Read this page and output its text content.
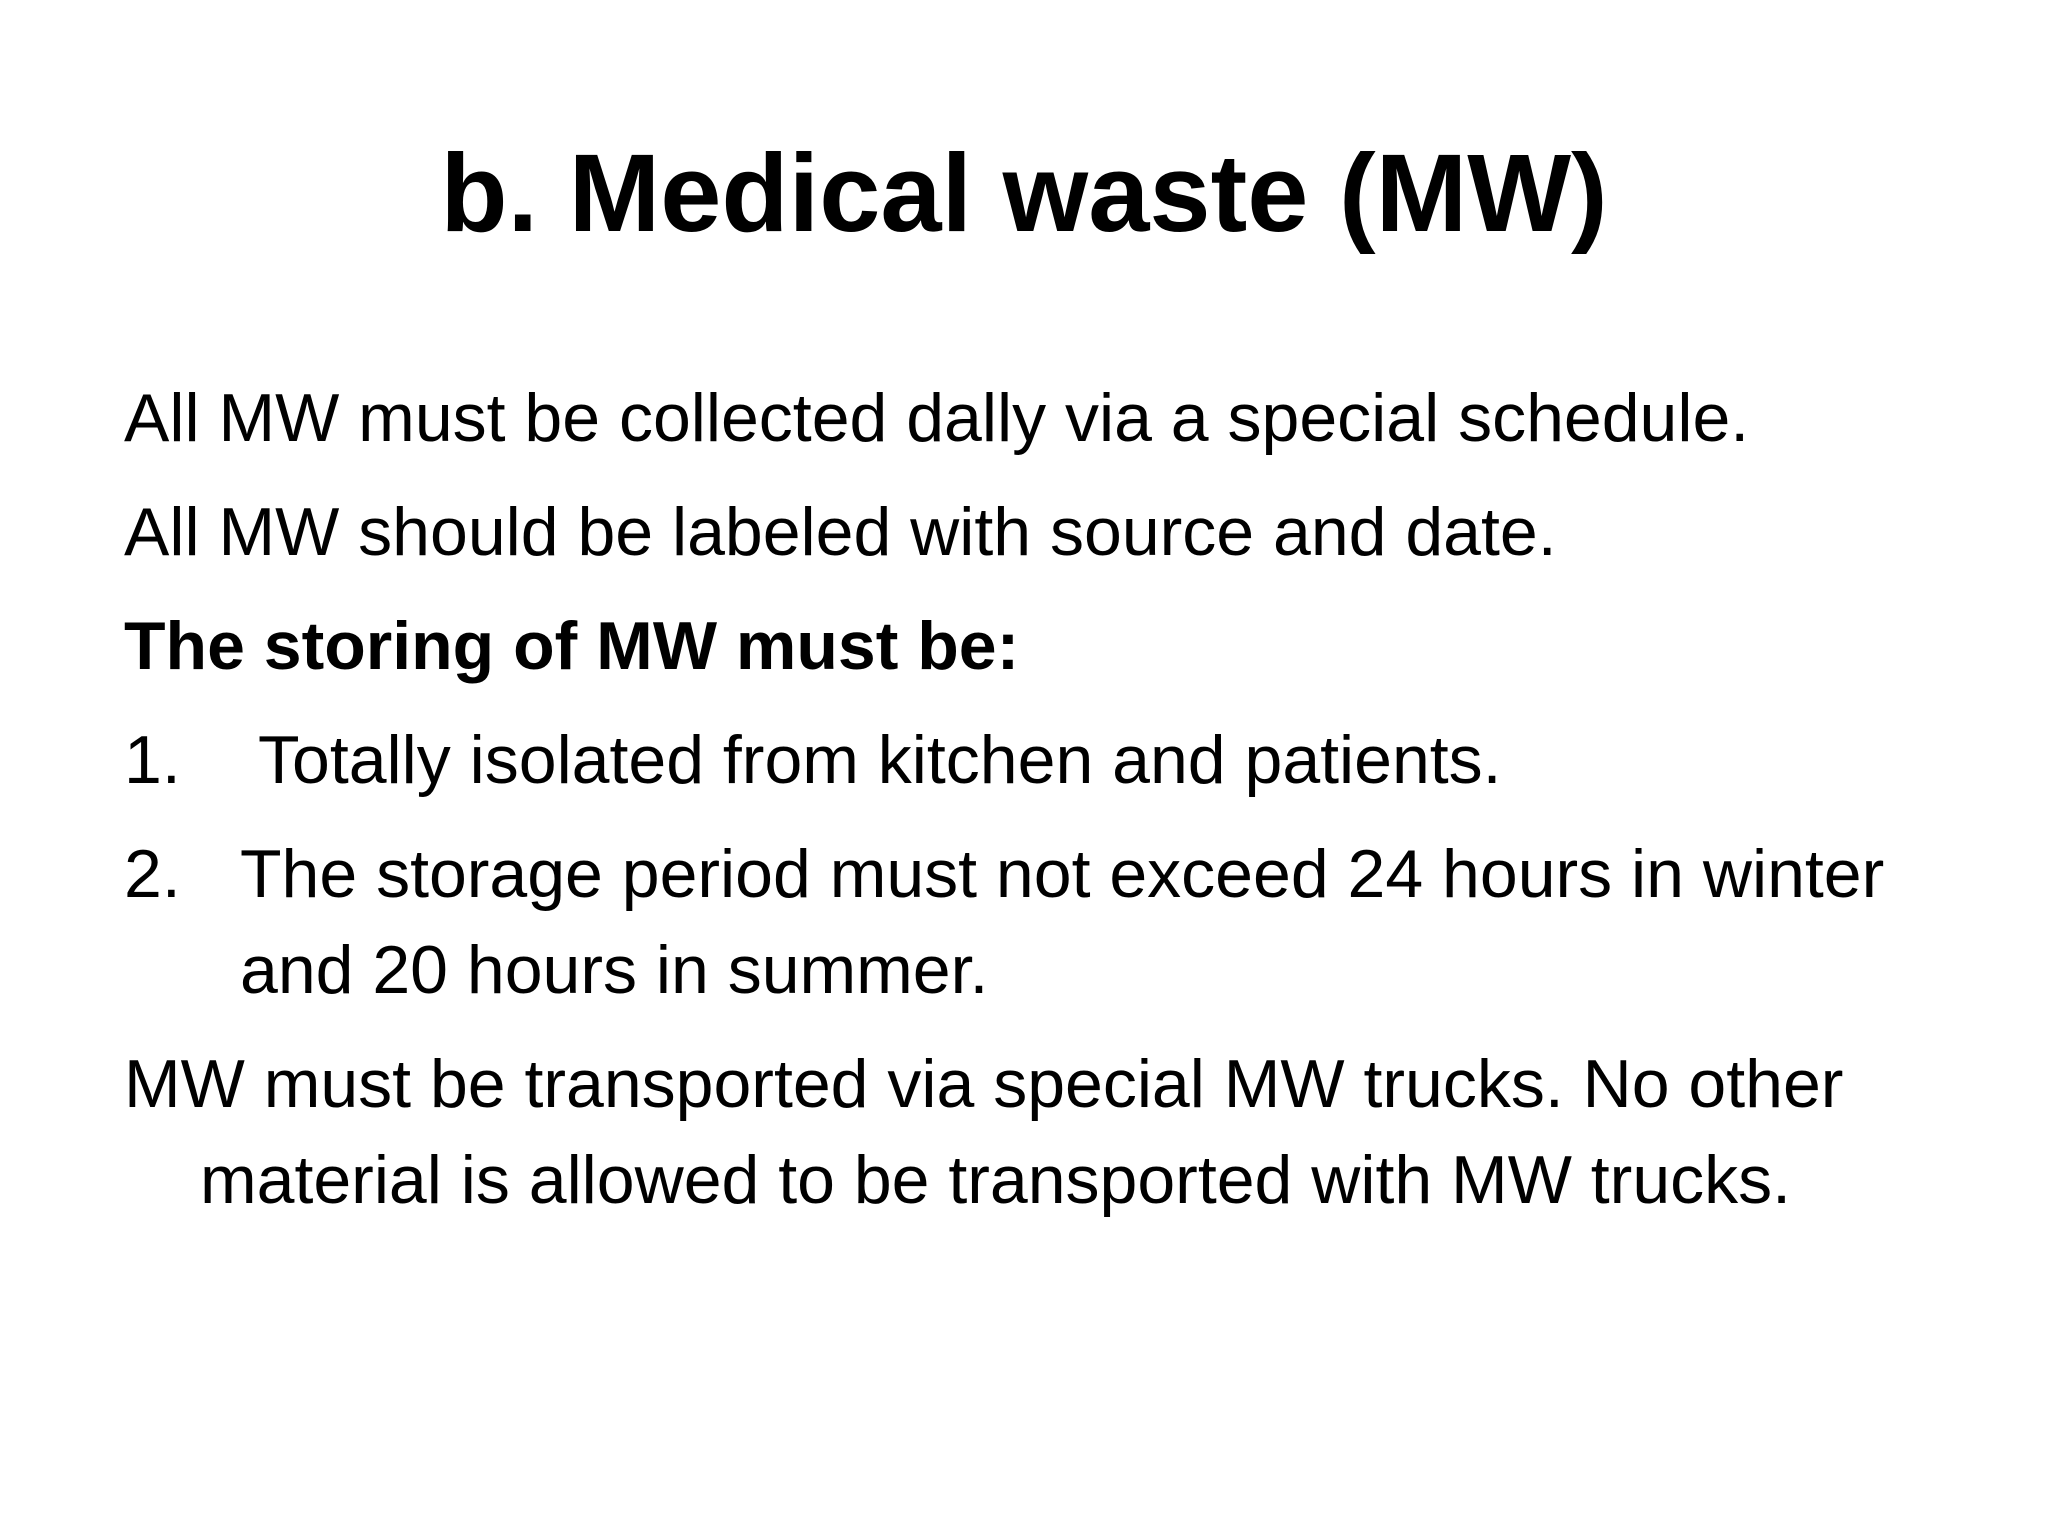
b. Medical waste (MW)
All MW must be collected dally via a special schedule.
All MW should be labeled with source and date.
The storing of MW must be:
1.	Totally isolated from kitchen and patients.
2. The storage period must not exceed 24 hours in winter and 20 hours in summer.
MW must be transported via special MW trucks. No other material is allowed to be transported with MW trucks.
